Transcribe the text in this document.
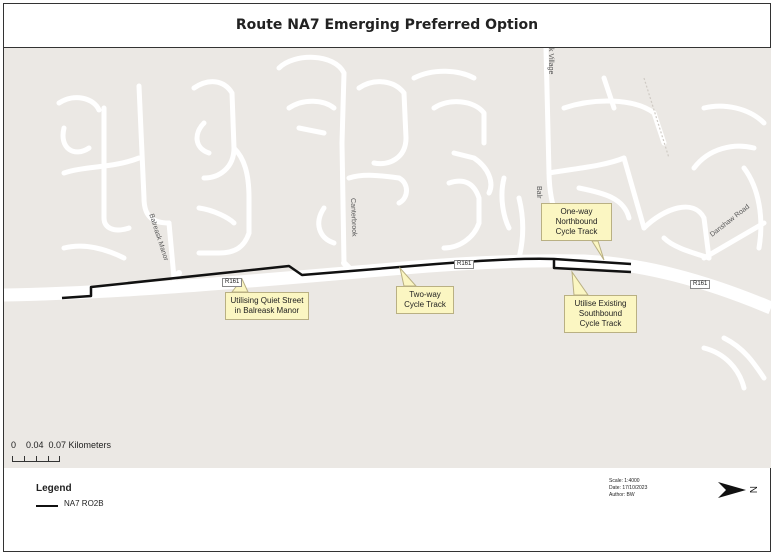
Route NA7 Emerging Preferred Option
Balreask Manor	Canterbrook
k Village
Balr
Danshaw Road
R161
R161
R161
Utilising Quiet Street in Balreask Manor
Two-way Cycle Track
One-way Northbound Cycle Track
Utilise Existing Southbound Cycle Track
0    0.04  0.07 Kilometers
Legend
NA7 RO2B
Scale: 1:4000
Date: 17/10/2023
Author: BW
N
